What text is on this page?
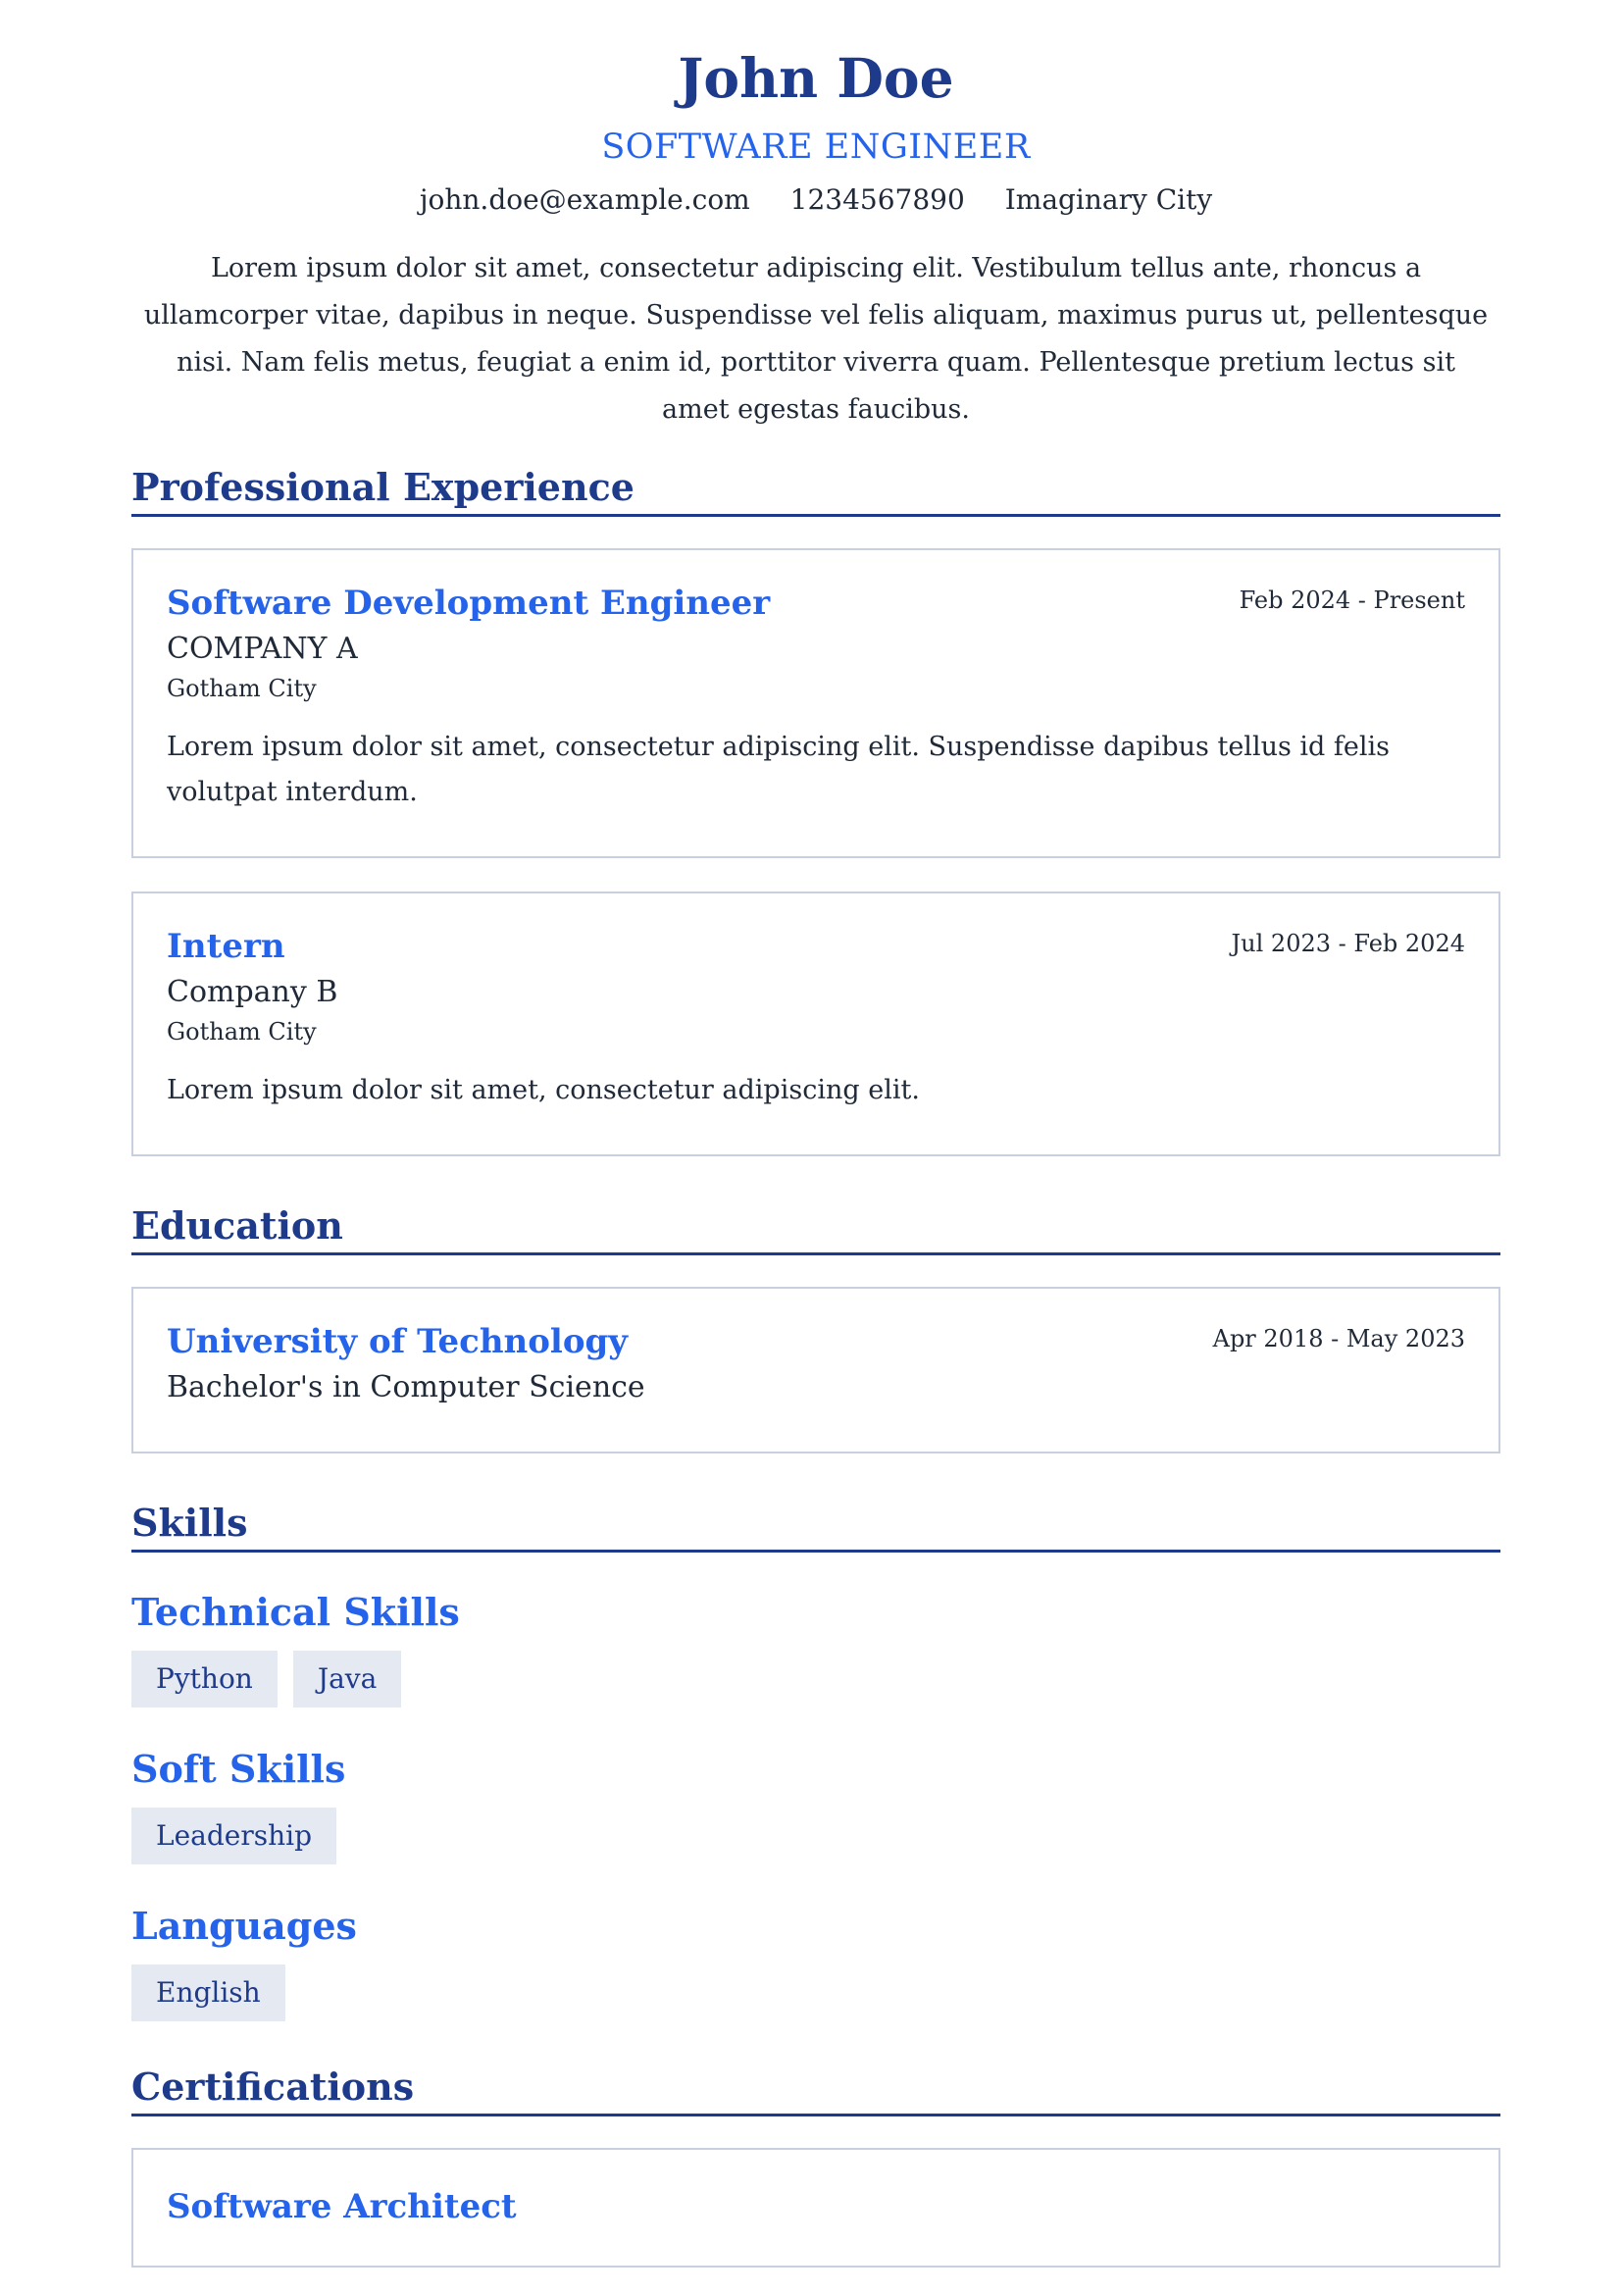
John Doe
SOFTWARE ENGINEER
john.doe@example.com 1234567890 Imaginary City
Lorem ipsum dolor sit amet, consectetur adipiscing elit. Vestibulum tellus ante, rhoncus a ullamcorper vitae, dapibus in neque. Suspendisse vel felis aliquam, maximus purus ut, pellentesque nisi. Nam felis metus, feugiat a enim id, porttitor viverra quam. Pellentesque pretium lectus sit amet egestas faucibus.
Professional Experience
Software Development Engineer	Feb 2024 - Present
COMPANY A
Gotham City
Lorem ipsum dolor sit amet, consectetur adipiscing elit. Suspendisse dapibus tellus id felis volutpat interdum.
Intern	Jul 2023 - Feb 2024
Company B
Gotham City
Lorem ipsum dolor sit amet, consectetur adipiscing elit.
Education
University of Technology	Apr 2018 - May 2023
Bachelor's in Computer Science
Skills
Technical Skills
Python	Java
Soft Skills
Leadership
Languages
English
Certifications
Software Architect
